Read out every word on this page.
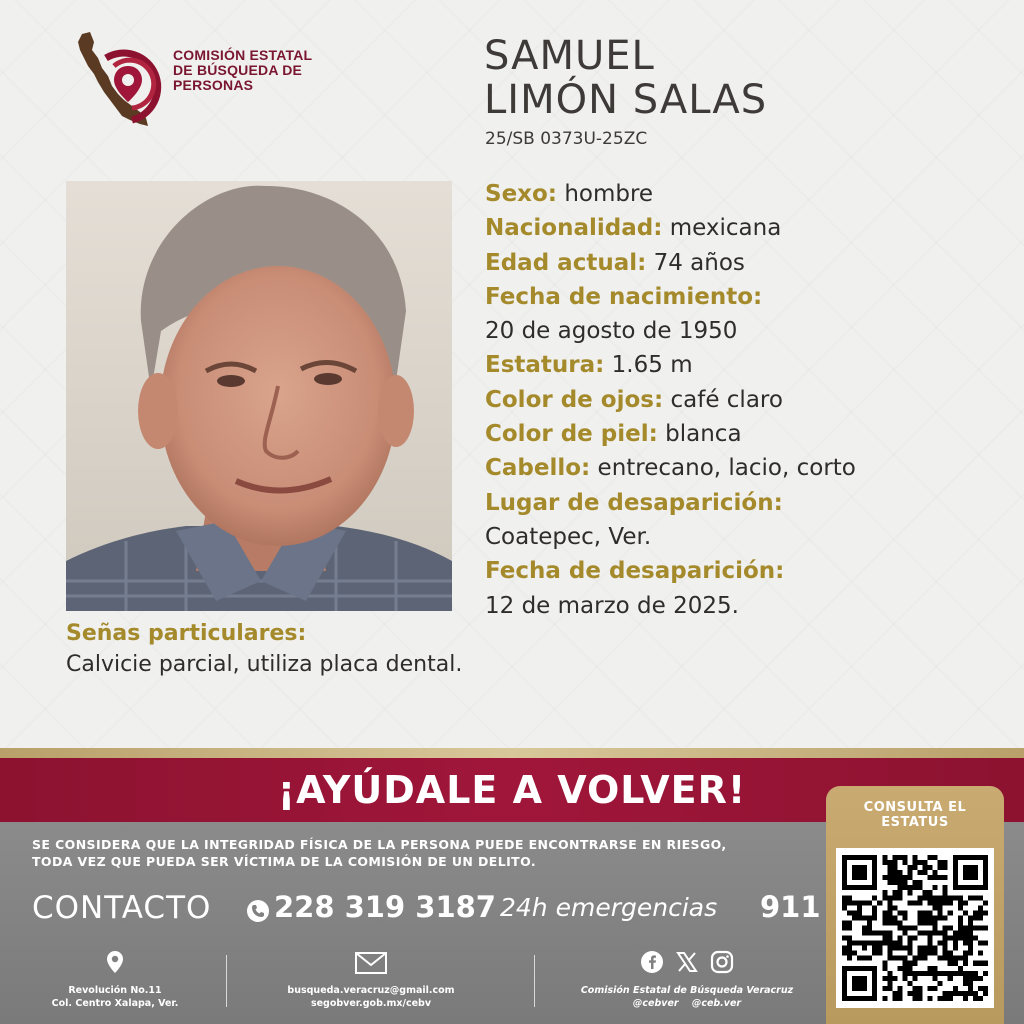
COMISIÓN ESTATAL
DE BÚSQUEDA DE
PERSONAS
SAMUEL
LIMÓN SALAS
25/SB 0373U-25ZC
Sexo: hombre
Nacionalidad: mexicana
Edad actual: 74 años
Fecha de nacimiento:
20 de agosto de 1950
Estatura: 1.65 m
Color de ojos: café claro
Color de piel: blanca
Cabello: entrecano, lacio, corto
Lugar de desaparición:
Coatepec, Ver.
Fecha de desaparición:
12 de marzo de 2025.
Señas particulares:
Calvicie parcial, utiliza placa dental.
¡AYÚDALE A VOLVER!
SE CONSIDERA QUE LA INTEGRIDAD FÍSICA DE LA PERSONA PUEDE ENCONTRARSE EN RIESGO,
TODA VEZ QUE PUEDA SER VÍCTIMA DE LA COMISIÓN DE UN DELITO.
CONTACTO 228 319 3187 24h emergencias 911
Revolución No.11
Col. Centro Xalapa, Ver.
busqueda.veracruz@gmail.com
segobver.gob.mx/cebv
Comisión Estatal de Búsqueda Veracruz
@cebver @ceb.ver
CONSULTA EL
ESTATUS
